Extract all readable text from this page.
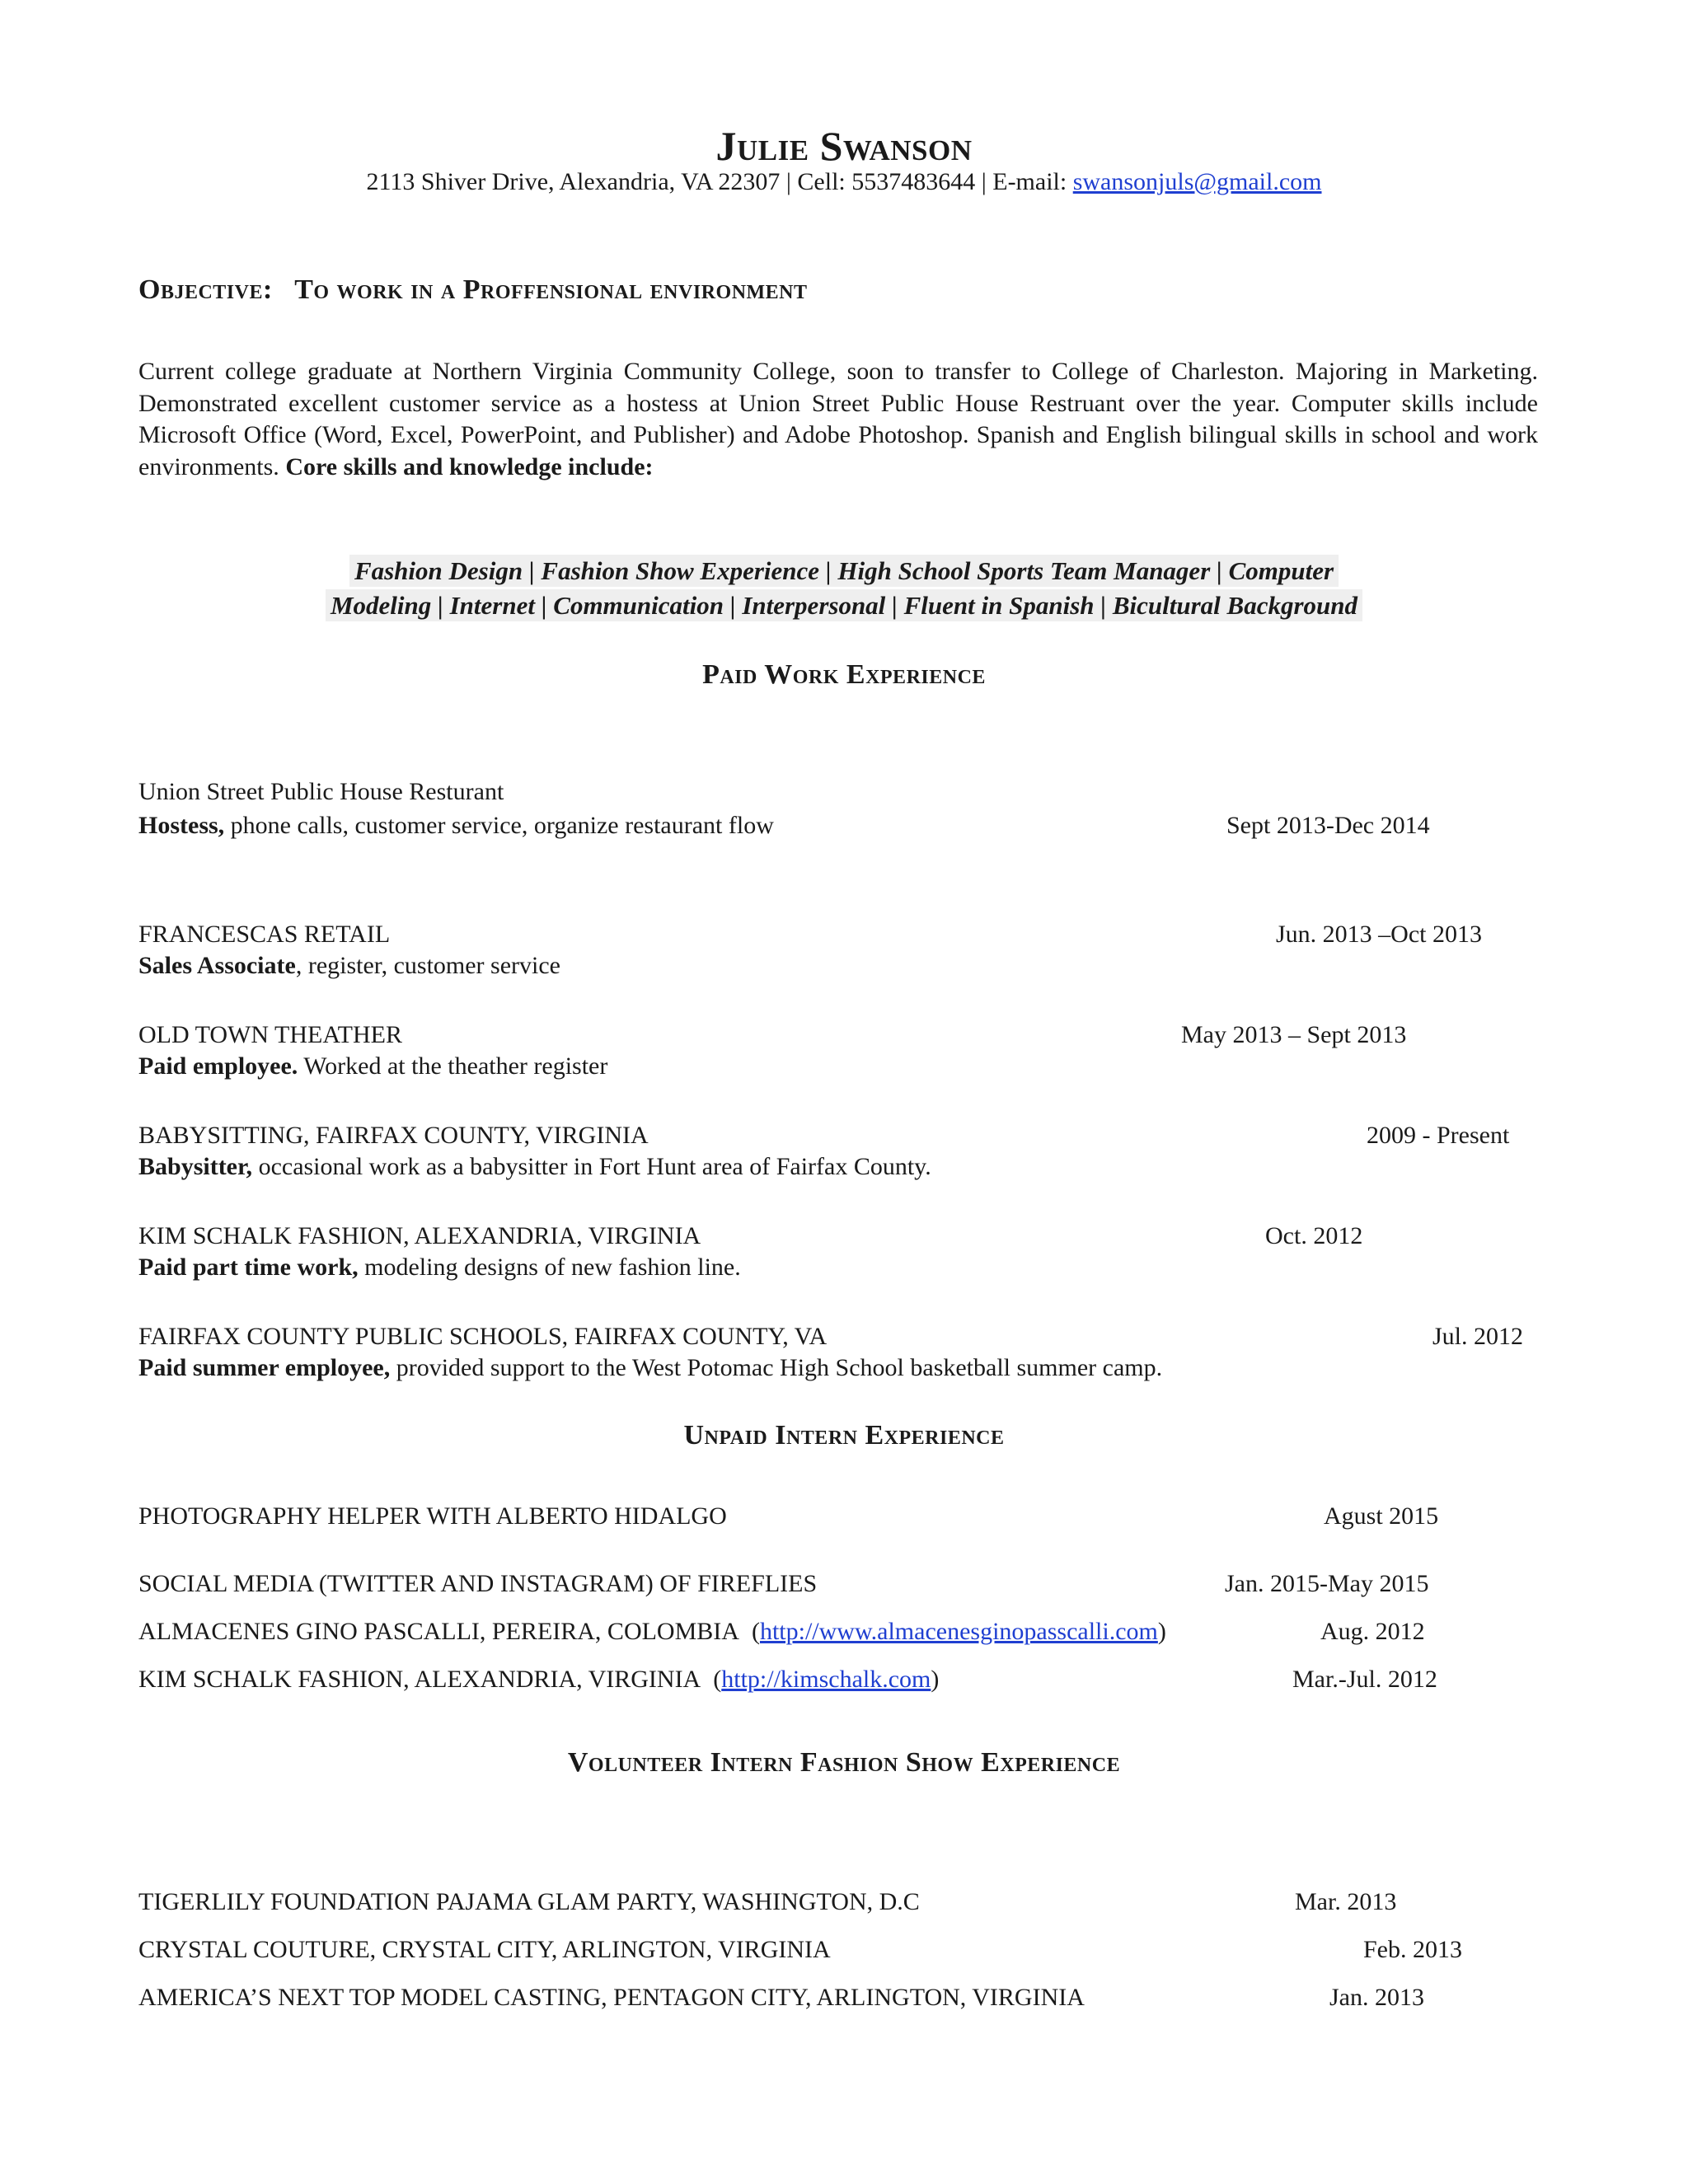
Julie Swanson
2113 Shiver Drive, Alexandria, VA 22307 | Cell: 5537483644 | E-mail: swansonjuls@gmail.com
Objective: To work in a Proffensional environment
Current college graduate at Northern Virginia Community College, soon to transfer to College of Charleston. Majoring in Marketing. Demonstrated excellent customer service as a hostess at Union Street Public House Restruant over the year. Computer skills include Microsoft Office (Word, Excel, PowerPoint, and Publisher) and Adobe Photoshop. Spanish and English bilingual skills in school and work environments. Core skills and knowledge include:
Fashion Design | Fashion Show Experience | High School Sports Team Manager | Computer
Modeling | Internet | Communication | Interpersonal | Fluent in Spanish | Bicultural Background
Paid Work Experience
Union Street Public House Resturant
Hostess, phone calls, customer service, organize restaurant flow	Sept 2013-Dec 2014
FRANCESCAS RETAIL	Jun. 2013 –Oct 2013
Sales Associate, register, customer service
OLD TOWN THEATHER	May 2013 – Sept 2013
Paid employee. Worked at the theather register
BABYSITTING, FAIRFAX COUNTY, VIRGINIA	2009 - Present
Babysitter, occasional work as a babysitter in Fort Hunt area of Fairfax County.
KIM SCHALK FASHION, ALEXANDRIA, VIRGINIA	Oct. 2012
Paid part time work, modeling designs of new fashion line.
FAIRFAX COUNTY PUBLIC SCHOOLS, FAIRFAX COUNTY, VA	Jul. 2012
Paid summer employee, provided support to the West Potomac High School basketball summer camp.
Unpaid Intern Experience
PHOTOGRAPHY HELPER WITH ALBERTO HIDALGO	Agust 2015
SOCIAL MEDIA (TWITTER AND INSTAGRAM) OF FIREFLIES	Jan. 2015-May 2015
ALMACENES GINO PASCALLI, PEREIRA, COLOMBIA  (http://www.almacenesginopasscalli.com)	Aug. 2012
KIM SCHALK FASHION, ALEXANDRIA, VIRGINIA  (http://kimschalk.com)	Mar.-Jul. 2012
Volunteer Intern Fashion Show Experience
TIGERLILY FOUNDATION PAJAMA GLAM PARTY, WASHINGTON, D.C	Mar. 2013
CRYSTAL COUTURE, CRYSTAL CITY, ARLINGTON, VIRGINIA	Feb. 2013
AMERICA’S NEXT TOP MODEL CASTING, PENTAGON CITY, ARLINGTON, VIRGINIA	Jan. 2013
